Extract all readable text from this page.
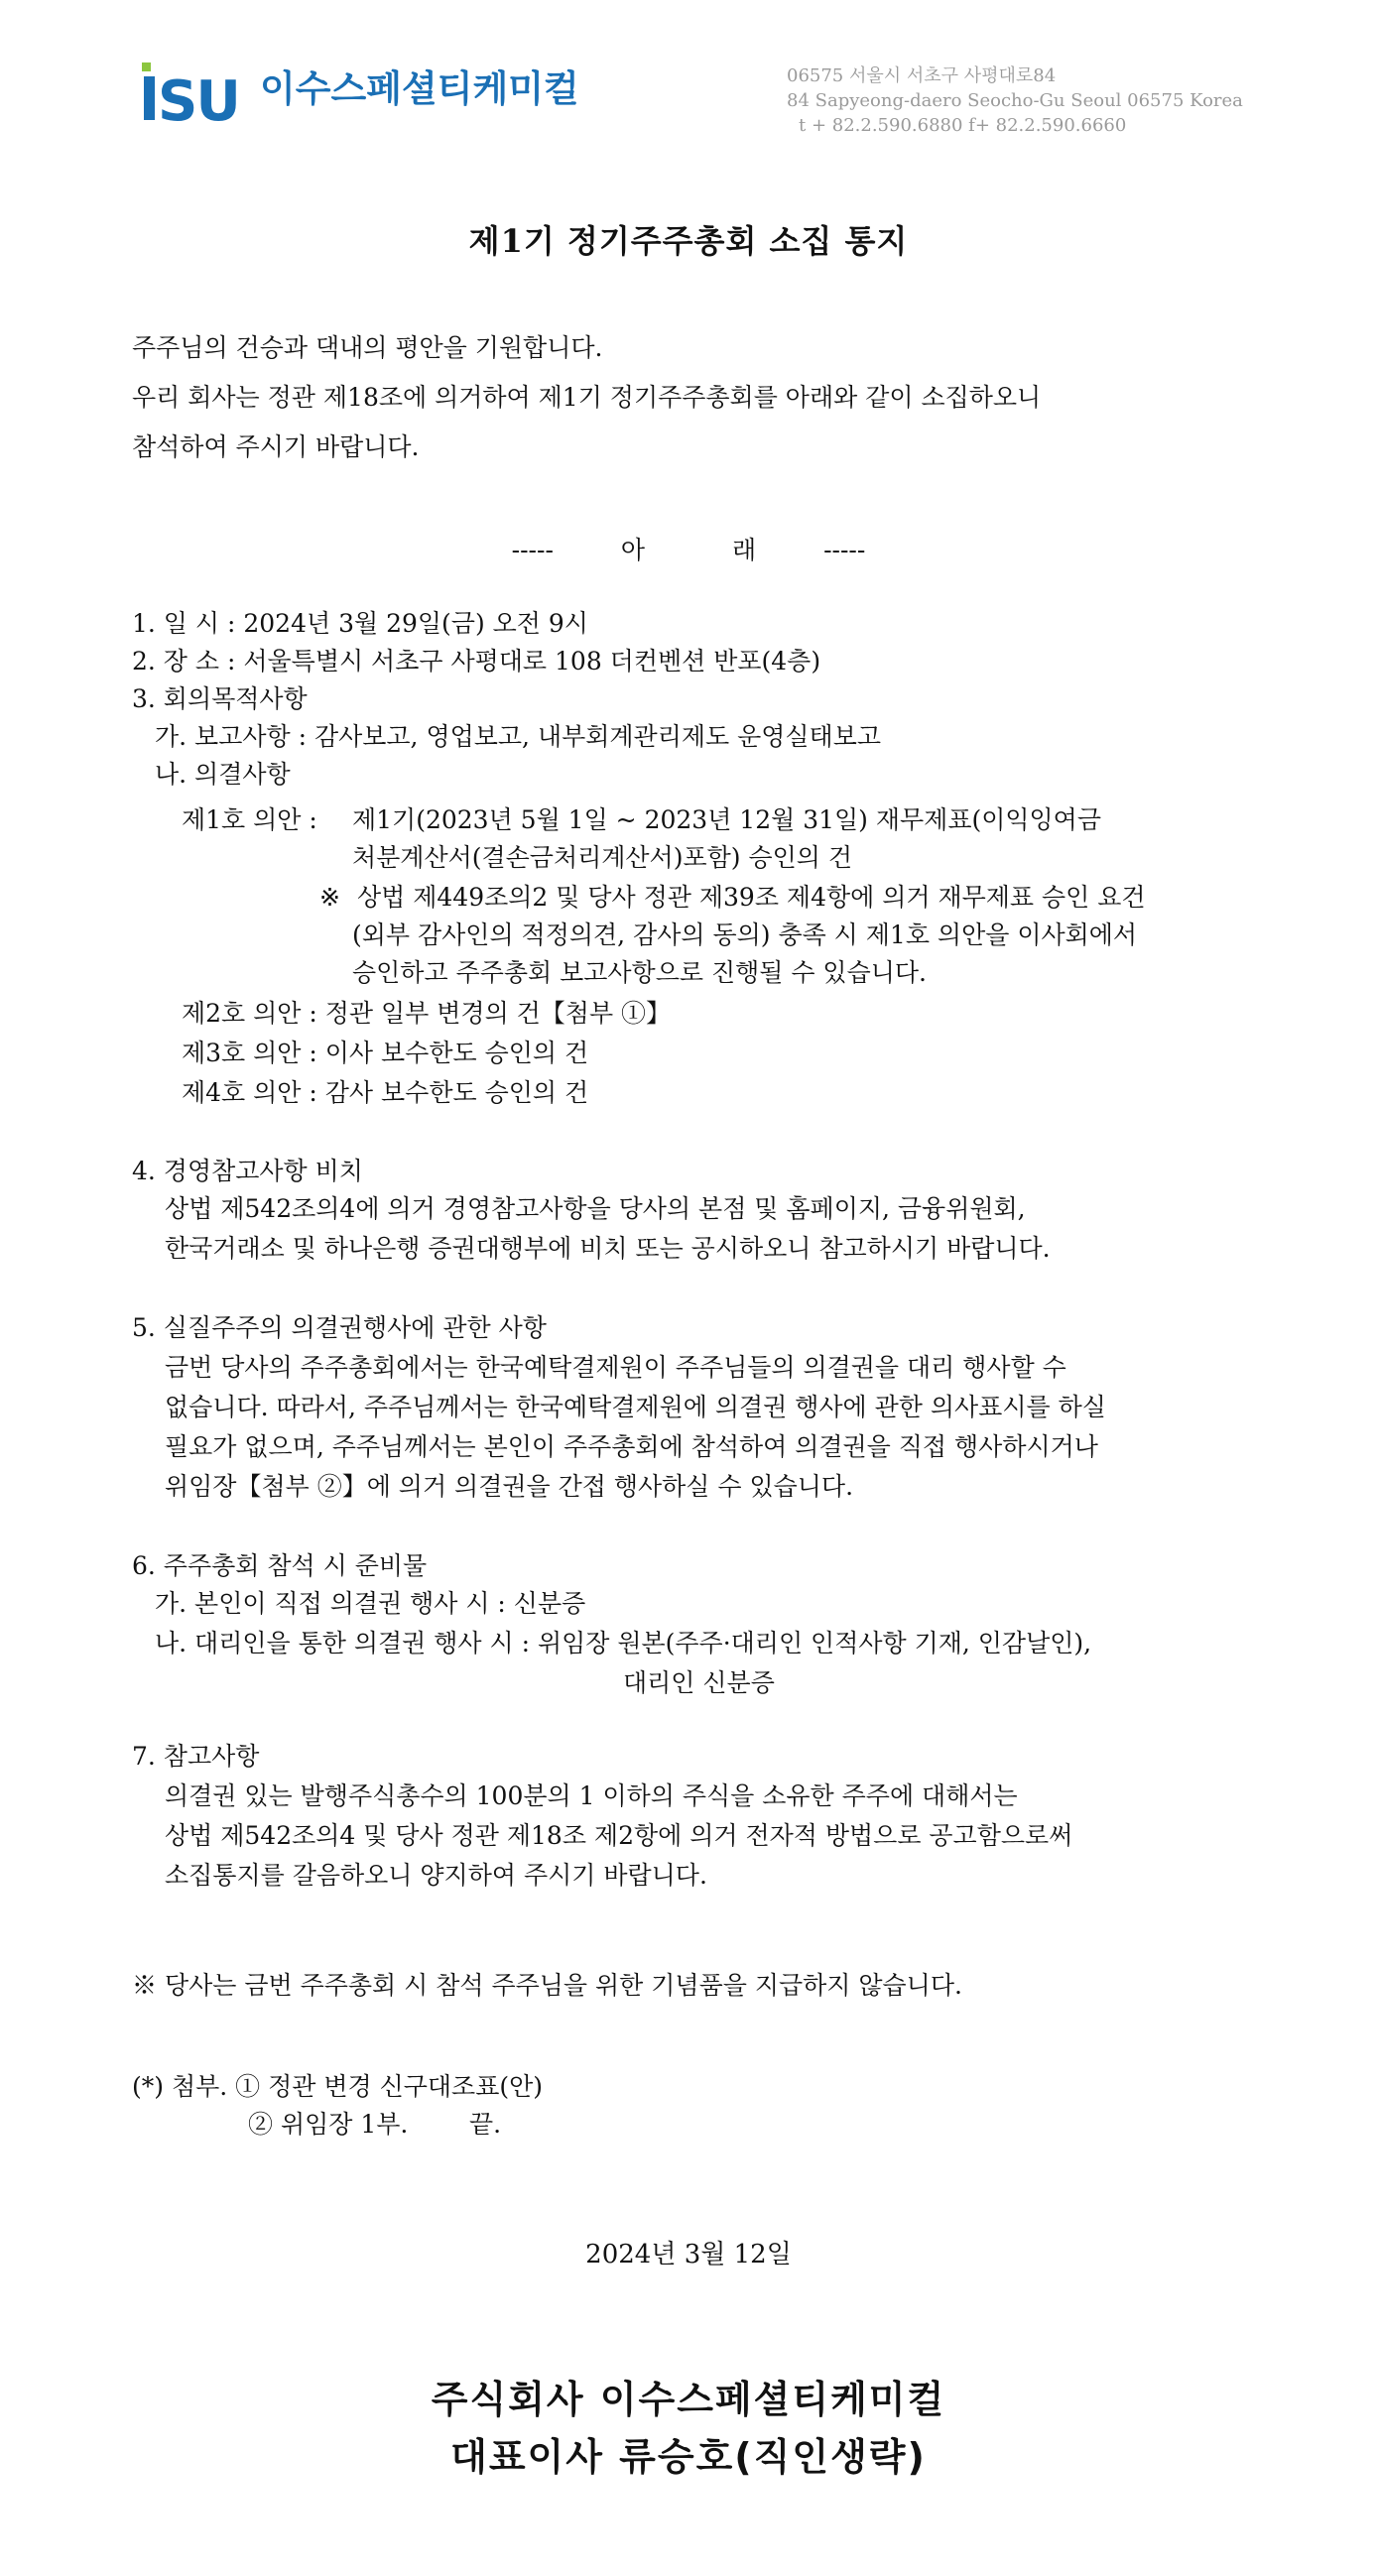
SU 이수스페셜티케미컬	06575 서울시 서초구 사평대로84
84 Sapyeong-daero Seocho-Gu Seoul 06575 Korea
t + 82.2.590.6880 f+ 82.2.590.6660
제1기 정기주주총회 소집 통지
주주님의 건승과 댁내의 평안을 기원합니다.
우리 회사는 정관 제18조에 의거하여 제1기 정기주주총회를 아래와 같이 소집하오니
참석하여 주시기 바랍니다.
-----	아	래	-----
1. 일 시 : 2024년 3월 29일(금) 오전 9시
2. 장 소 : 서울특별시 서초구 사평대로 108 더컨벤션 반포(4층)
3. 회의목적사항
가. 보고사항 : 감사보고, 영업보고, 내부회계관리제도 운영실태보고
나. 의결사항
제1호 의안 : 제1기(2023년 5월 1일 ~ 2023년 12월 31일) 재무제표(이익잉여금
처분계산서(결손금처리계산서)포함) 승인의 건
※ 상법 제449조의2 및 당사 정관 제39조 제4항에 의거 재무제표 승인 요건
(외부 감사인의 적정의견, 감사의 동의) 충족 시 제1호 의안을 이사회에서
승인하고 주주총회 보고사항으로 진행될 수 있습니다.
제2호 의안 : 정관 일부 변경의 건【첨부 ①】
제3호 의안 : 이사 보수한도 승인의 건
제4호 의안 : 감사 보수한도 승인의 건
4. 경영참고사항 비치
상법 제542조의4에 의거 경영참고사항을 당사의 본점 및 홈페이지, 금융위원회,
한국거래소 및 하나은행 증권대행부에 비치 또는 공시하오니 참고하시기 바랍니다.
5. 실질주주의 의결권행사에 관한 사항
금번 당사의 주주총회에서는 한국예탁결제원이 주주님들의 의결권을 대리 행사할 수
없습니다. 따라서, 주주님께서는 한국예탁결제원에 의결권 행사에 관한 의사표시를 하실
필요가 없으며, 주주님께서는 본인이 주주총회에 참석하여 의결권을 직접 행사하시거나
위임장【첨부 ②】에 의거 의결권을 간접 행사하실 수 있습니다.
6. 주주총회 참석 시 준비물
가. 본인이 직접 의결권 행사 시 : 신분증
나. 대리인을 통한 의결권 행사 시 : 위임장 원본(주주·대리인 인적사항 기재, 인감날인),
대리인 신분증
7. 참고사항
의결권 있는 발행주식총수의 100분의 1 이하의 주식을 소유한 주주에 대해서는
상법 제542조의4 및 당사 정관 제18조 제2항에 의거 전자적 방법으로 공고함으로써
소집통지를 갈음하오니 양지하여 주시기 바랍니다.
※ 당사는 금번 주주총회 시 참석 주주님을 위한 기념품을 지급하지 않습니다.
(*) 첨부. ① 정관 변경 신구대조표(안)
② 위임장 1부. 끝.
2024년 3월 12일
주식회사 이수스페셜티케미컬
대표이사 류승호(직인생략)
